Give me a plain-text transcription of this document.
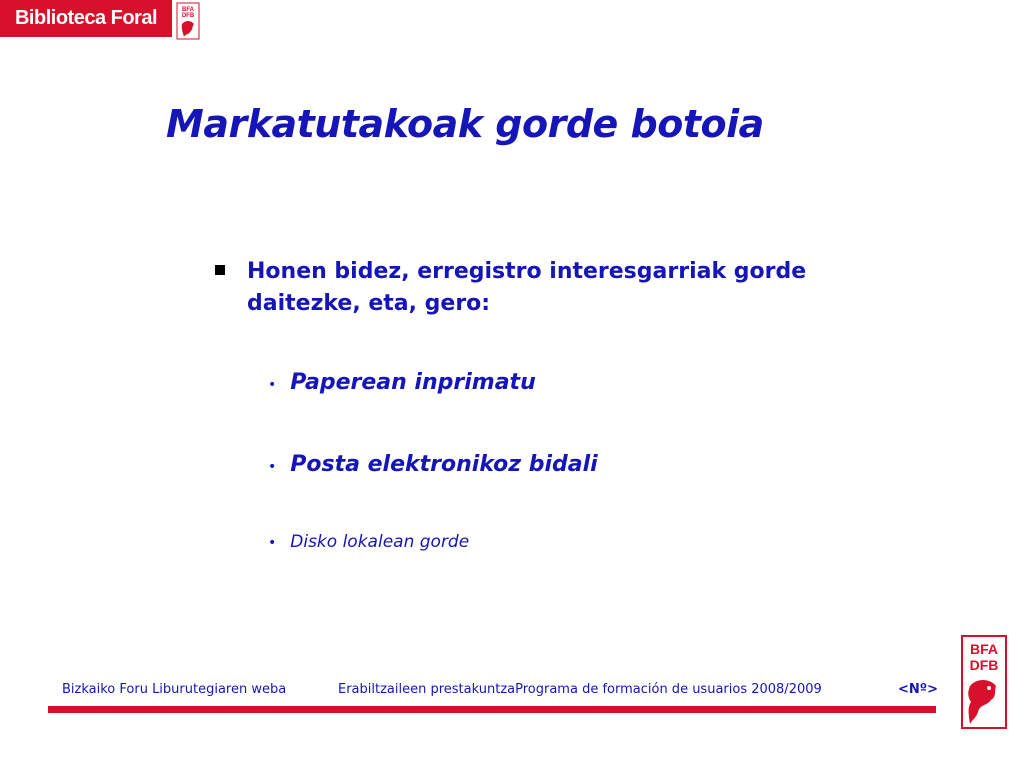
Biblioteca Foral	BFA
DFB
Markatutakoak gorde botoia
Honen bidez, erregistro interesgarriak gorde daitezke, eta, gero:
• Paperean inprimatu
• Posta elektronikoz bidali
• Disko lokalean gorde
Bizkaiko Foru Liburutegiaren weba	Erabiltzaileen prestakuntzaPrograma de formación de usuarios 2008/2009	<Nº>
BFA
DFB
